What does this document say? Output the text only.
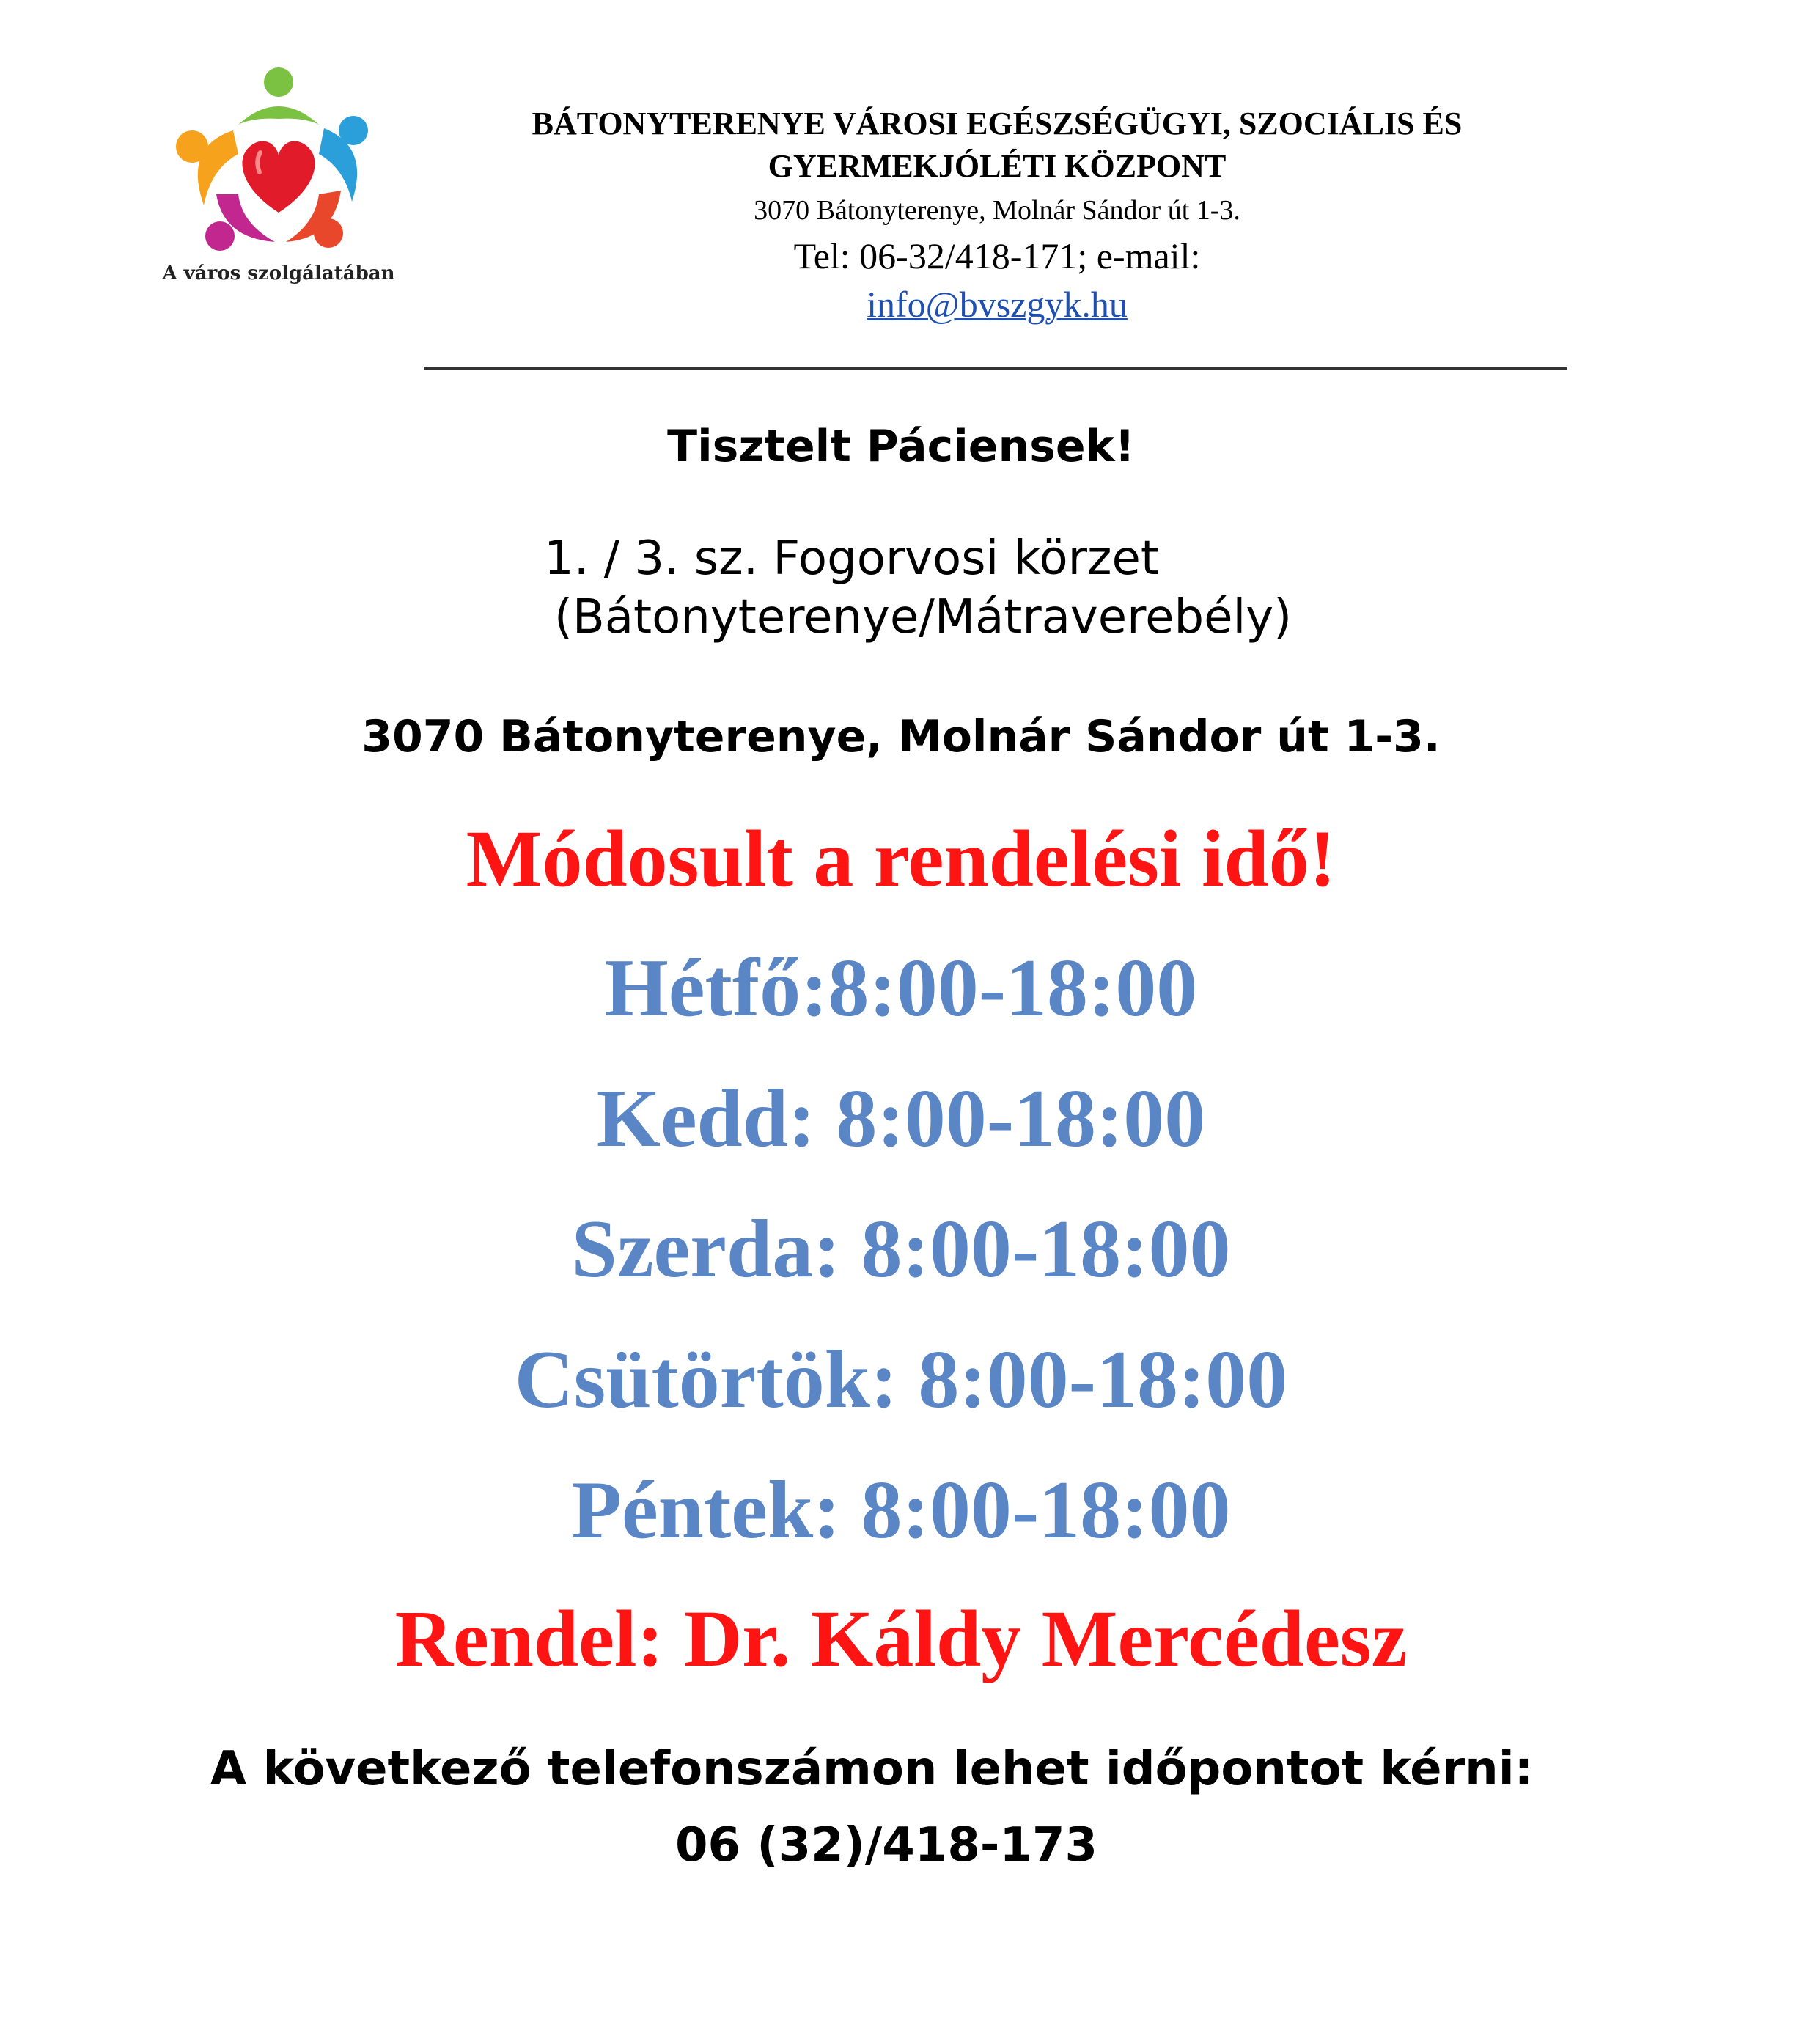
A város szolgálatában
BÁTONYTERENYE VÁROSI EGÉSZSÉGÜGYI, SZOCIÁLIS ÉS
GYERMEKJÓLÉTI KÖZPONT
3070 Bátonyterenye, Molnár Sándor út 1-3.
Tel: 06-32/418-171; e-mail:
info@bvszgyk.hu
Tisztelt Páciensek!
1. / 3. sz. Fogorvosi körzet
(Bátonyterenye/Mátraverebély)
3070 Bátonyterenye, Molnár Sándor út 1-3.
Módosult a rendelési idő!
Hétfő:8:00-18:00
Kedd: 8:00-18:00
Szerda: 8:00-18:00
Csütörtök: 8:00-18:00
Péntek: 8:00-18:00
Rendel: Dr. Káldy Mercédesz
A következő telefonszámon lehet időpontot kérni:
06 (32)/418-173
